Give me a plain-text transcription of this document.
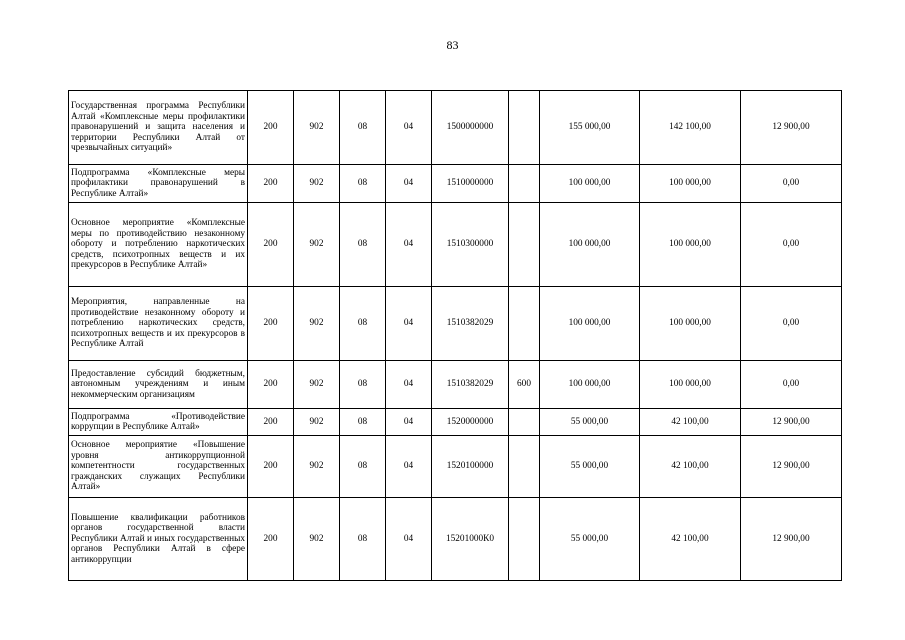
83
Государственная программа Республики Алтай «Комплексные меры профилактики правонарушений и защита населения и территории Республики Алтай от чрезвычайных ситуаций»	200	902	08	04	1500000000		155 000,00	142 100,00	12 900,00
Подпрограмма «Комплексные меры профилактики правонарушений в Республике Алтай»	200	902	08	04	1510000000		100 000,00	100 000,00	0,00
Основное мероприятие «Комплексные меры по противодействию незаконному обороту и потреблению наркотических средств, психотропных веществ и их прекурсоров в Республике Алтай»	200	902	08	04	1510300000		100 000,00	100 000,00	0,00
Мероприятия, направленные на противодействие незаконному обороту и потреблению наркотических средств, психотропных веществ и их прекурсоров в Республике Алтай	200	902	08	04	1510382029		100 000,00	100 000,00	0,00
Предоставление субсидий бюджетным, автономным учреждениям и иным некоммерческим организациям	200	902	08	04	1510382029	600	100 000,00	100 000,00	0,00
Подпрограмма «Противодействие коррупции в Республике Алтай»	200	902	08	04	1520000000		55 000,00	42 100,00	12 900,00
Основное мероприятие «Повышение уровня антикоррупционной компетентности государственных гражданских служащих Республики Алтай»	200	902	08	04	1520100000		55 000,00	42 100,00	12 900,00
Повышение квалификации работников органов государственной власти Республики Алтай и иных государственных органов Республики Алтай в сфере антикоррупции	200	902	08	04	15201000К0		55 000,00	42 100,00	12 900,00
